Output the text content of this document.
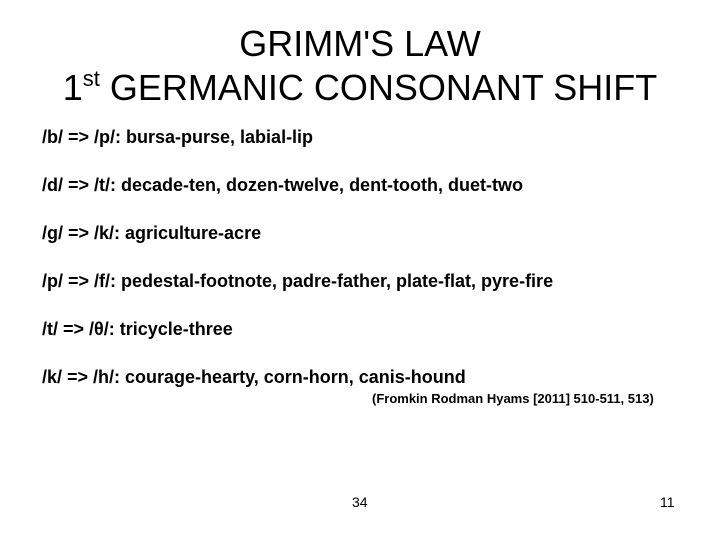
GRIMM'S LAW
1st GERMANIC CONSONANT SHIFT
/b/ => /p/: bursa-purse, labial-lip
/d/ => /t/: decade-ten, dozen-twelve, dent-tooth, duet-two
/g/ => /k/: agriculture-acre
/p/ => /f/: pedestal-footnote, padre-father, plate-flat, pyre-fire
/t/ => /θ/: tricycle-three
/k/ => /h/: courage-hearty, corn-horn, canis-hound
(Fromkin Rodman Hyams [2011] 510-511, 513)
34	11
